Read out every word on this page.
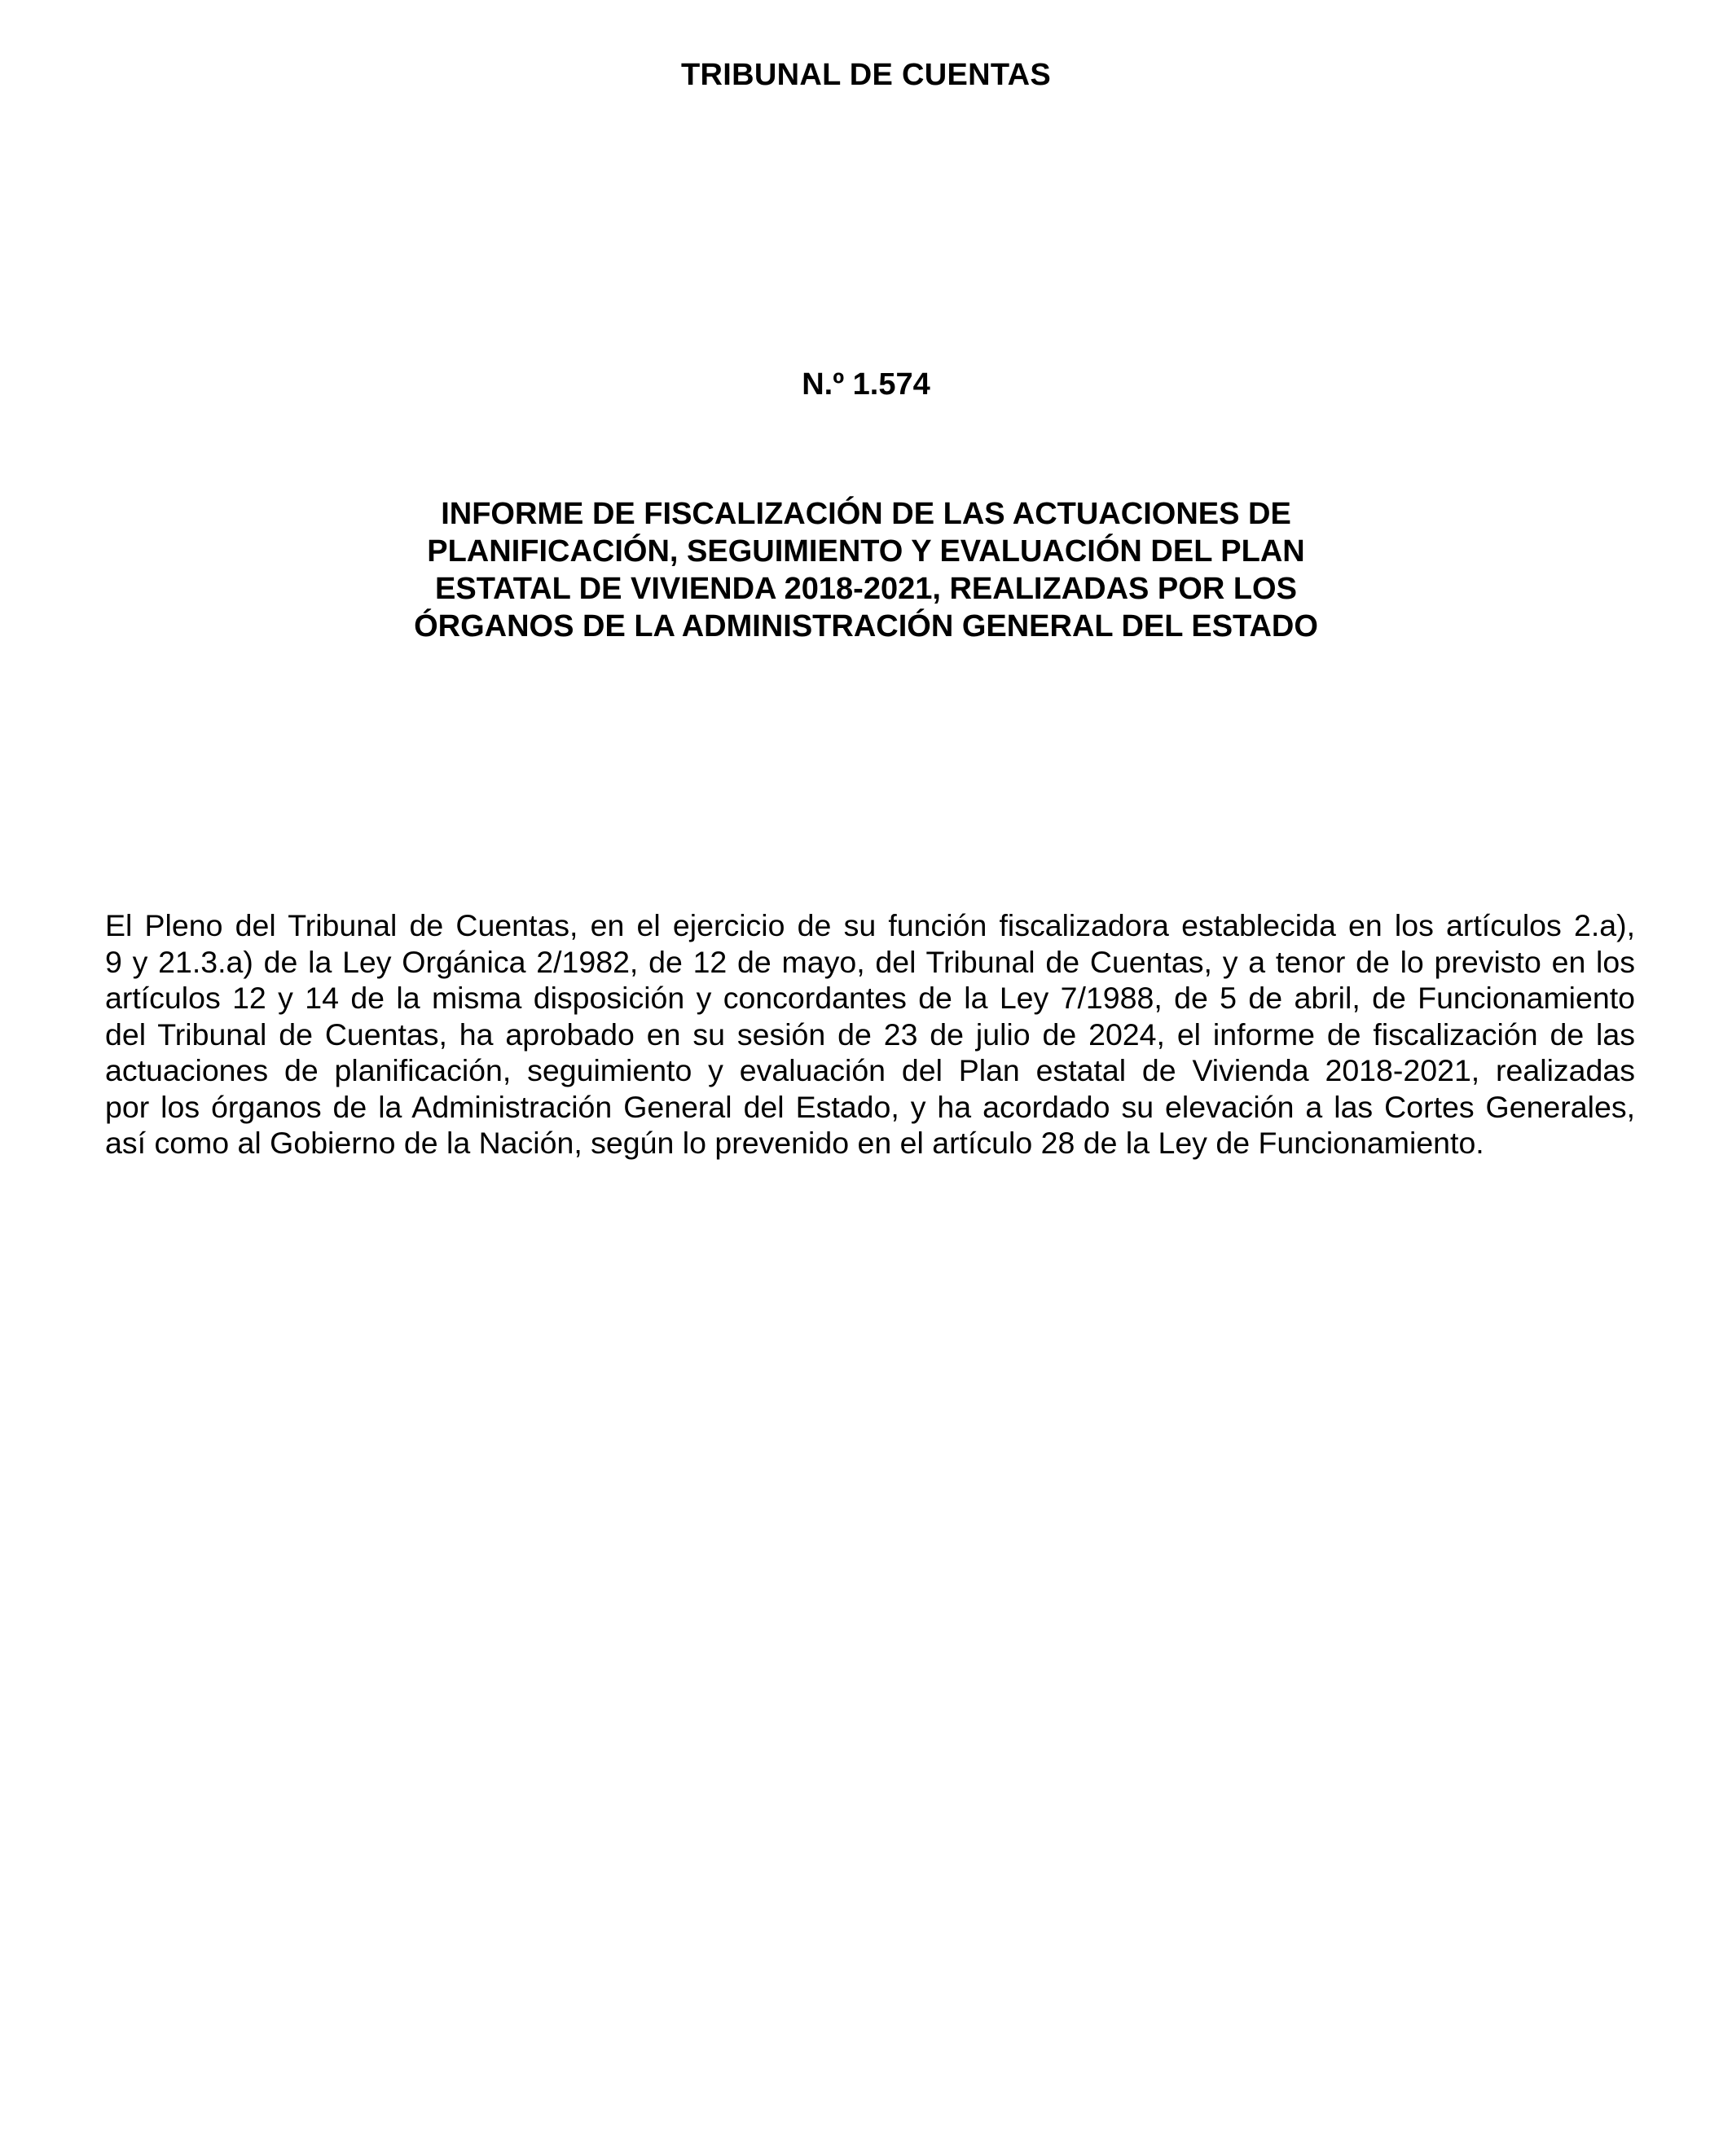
TRIBUNAL DE CUENTAS
N.º 1.574
INFORME DE FISCALIZACIÓN DE LAS ACTUACIONES DE
PLANIFICACIÓN, SEGUIMIENTO Y EVALUACIÓN DEL PLAN
ESTATAL DE VIVIENDA 2018-2021, REALIZADAS POR LOS
ÓRGANOS DE LA ADMINISTRACIÓN GENERAL DEL ESTADO
El Pleno del Tribunal de Cuentas, en el ejercicio de su función fiscalizadora establecida en los artículos 2.a),
9 y 21.3.a) de la Ley Orgánica 2/1982, de 12 de mayo, del Tribunal de Cuentas, y a tenor de lo previsto en los
artículos 12 y 14 de la misma disposición y concordantes de la Ley 7/1988, de 5 de abril, de Funcionamiento
del Tribunal de Cuentas, ha aprobado en su sesión de 23 de julio de 2024, el informe de fiscalización de las
actuaciones de planificación, seguimiento y evaluación del Plan estatal de Vivienda 2018-2021, realizadas
por los órganos de la Administración General del Estado, y ha acordado su elevación a las Cortes Generales,
así como al Gobierno de la Nación, según lo prevenido en el artículo 28 de la Ley de Funcionamiento.
